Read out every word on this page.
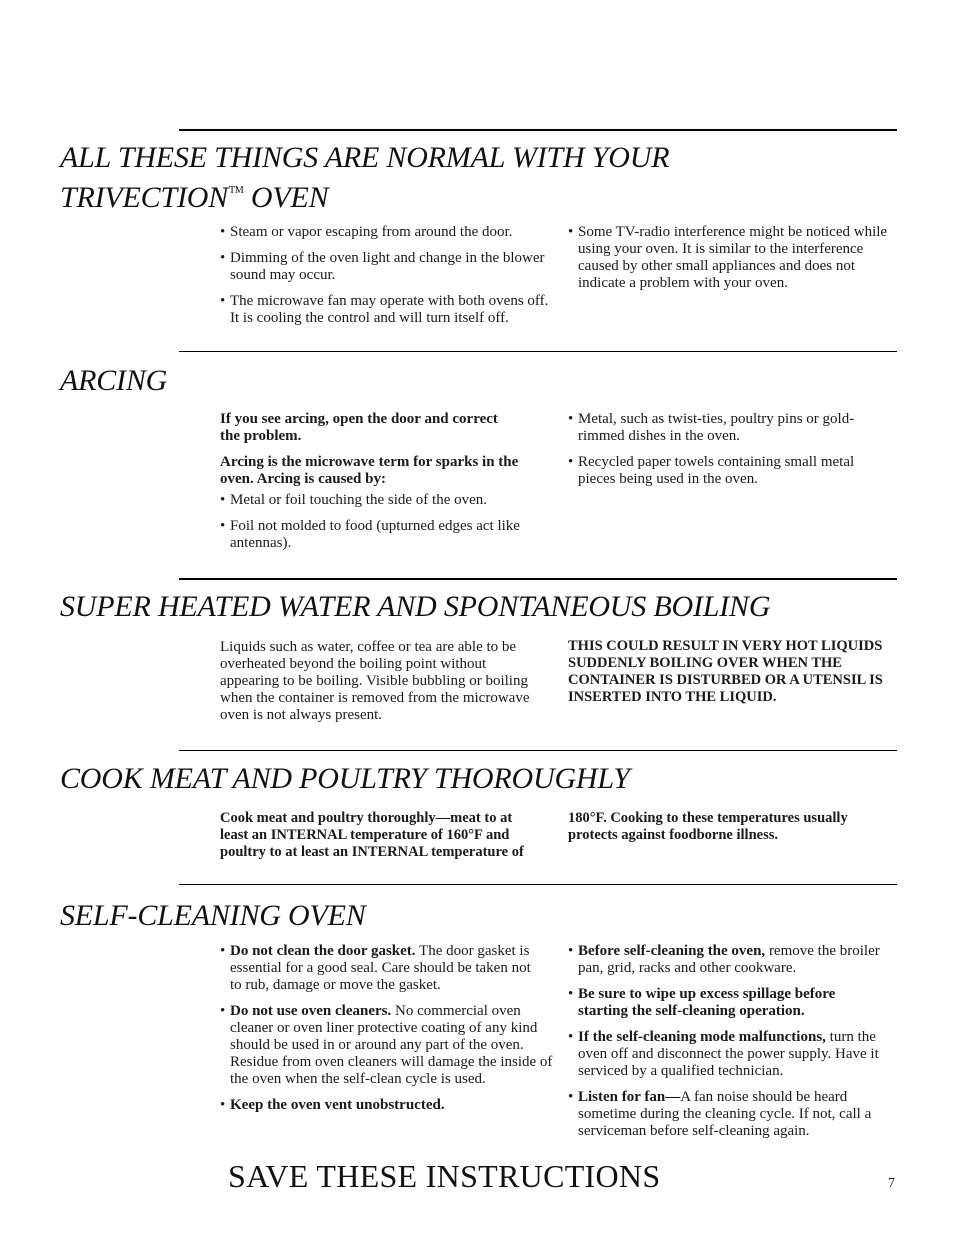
ALL THESE THINGS ARE NORMAL WITH YOUR
TRIVECTION™ OVEN
• Steam or vapor escaping from around the door.
• Dimming of the oven light and change in the blower sound may occur.
• The microwave fan may operate with both ovens off. It is cooling the control and will turn itself off.
• Some TV-radio interference might be noticed while using your oven. It is similar to the interference caused by other small appliances and does not indicate a problem with your oven.
ARCING
If you see arcing, open the door and correct the problem.
Arcing is the microwave term for sparks in the oven. Arcing is caused by:
• Metal or foil touching the side of the oven.
• Foil not molded to food (upturned edges act like antennas).
• Metal, such as twist-ties, poultry pins or gold-rimmed dishes in the oven.
• Recycled paper towels containing small metal pieces being used in the oven.
SUPER HEATED WATER AND SPONTANEOUS BOILING
Liquids such as water, coffee or tea are able to be overheated beyond the boiling point without appearing to be boiling. Visible bubbling or boiling when the container is removed from the microwave oven is not always present.
THIS COULD RESULT IN VERY HOT LIQUIDS SUDDENLY BOILING OVER WHEN THE CONTAINER IS DISTURBED OR A UTENSIL IS INSERTED INTO THE LIQUID.
COOK MEAT AND POULTRY THOROUGHLY
Cook meat and poultry thoroughly—meat to at least an INTERNAL temperature of 160°F and poultry to at least an INTERNAL temperature of
180°F. Cooking to these temperatures usually protects against foodborne illness.
SELF-CLEANING OVEN
• Do not clean the door gasket. The door gasket is essential for a good seal. Care should be taken not to rub, damage or move the gasket.
• Do not use oven cleaners. No commercial oven cleaner or oven liner protective coating of any kind should be used in or around any part of the oven. Residue from oven cleaners will damage the inside of the oven when the self-clean cycle is used.
• Keep the oven vent unobstructed.
• Before self-cleaning the oven, remove the broiler pan, grid, racks and other cookware.
• Be sure to wipe up excess spillage before starting the self-cleaning operation.
• If the self-cleaning mode malfunctions, turn the oven off and disconnect the power supply. Have it serviced by a qualified technician.
• Listen for fan—A fan noise should be heard sometime during the cleaning cycle. If not, call a serviceman before self-cleaning again.
SAVE THESE INSTRUCTIONS	7
